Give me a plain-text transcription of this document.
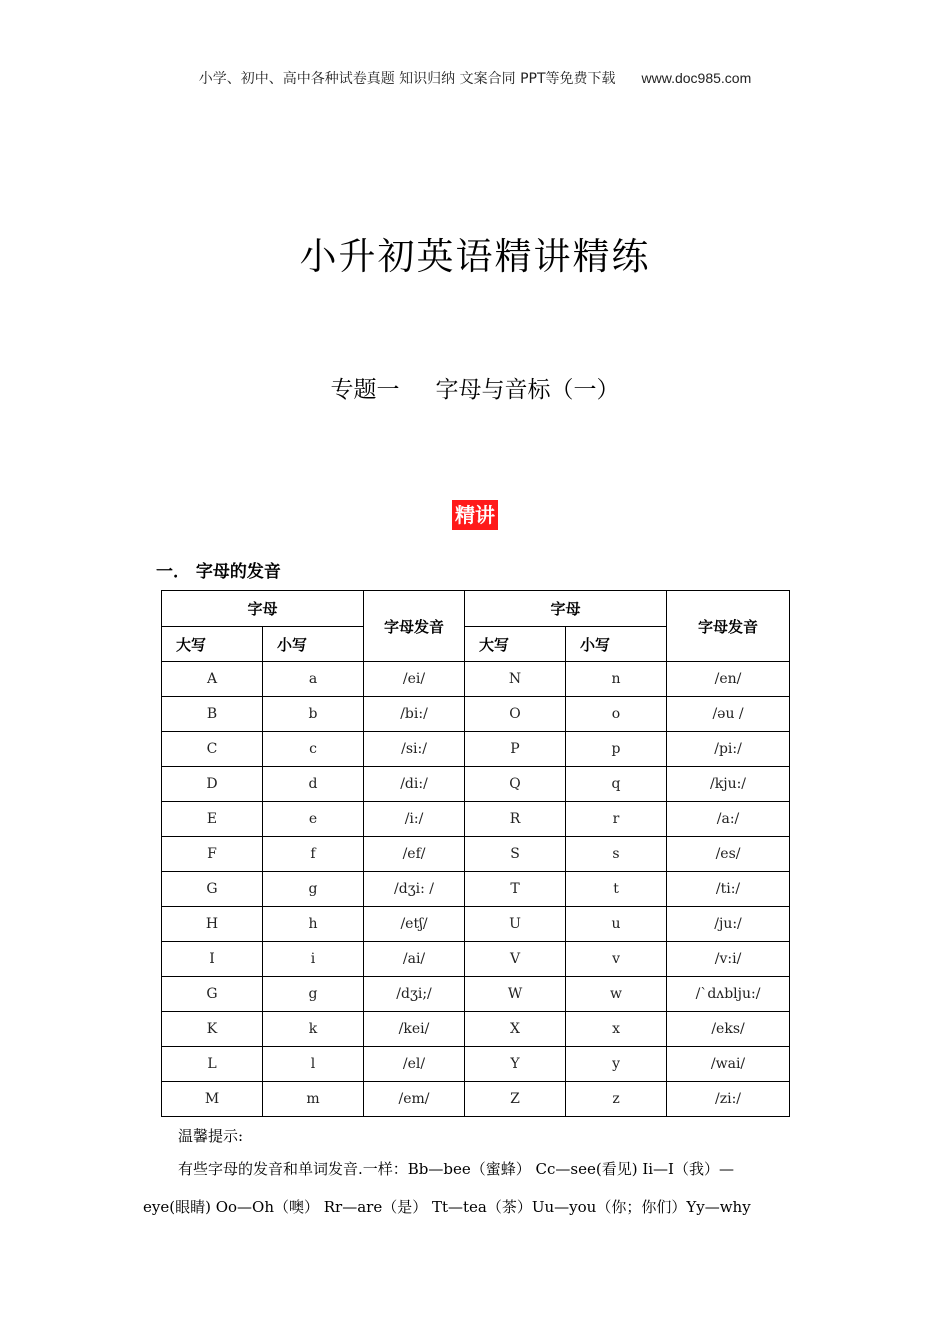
小学、初中、高中各种试卷真题 知识归纳 文案合同 PPT等免费下载 www.doc985.com
小升初英语精讲精练
专题一 字母与音标（一）
精讲
一． 字母的发音
字母		字母发音	字母		字母发音
大写	小写		大写	小写	
A	a	/ei/	N	n	/en/
B	b	/bi:/	O	o	/əu /
C	c	/si:/	P	p	/pi:/
D	d	/di:/	Q	q	/kju:/
E	e	/i:/	R	r	/a:/
F	f	/ef/	S	s	/es/
G	g	/dʒi: /	T	t	/ti:/
H	h	/etʃ/	U	u	/ju:/
I	i	/ai/	V	v	/v:i/
G	g	/dʒi;/	W	w	/ˋdʌblju:/
K	k	/kei/	X	x	/eks/
L	l	/el/	Y	y	/wai/
M	m	/em/	Z	z	/zi:/
温馨提示:
有些字母的发音和单词发音.一样：Bb—bee（蜜蜂） Cc—see(看见) Ii—I（我）—
eye(眼睛) Oo—Oh（噢） Rr—are（是） Tt—tea（茶）Uu—you（你；你们）Yy—why
